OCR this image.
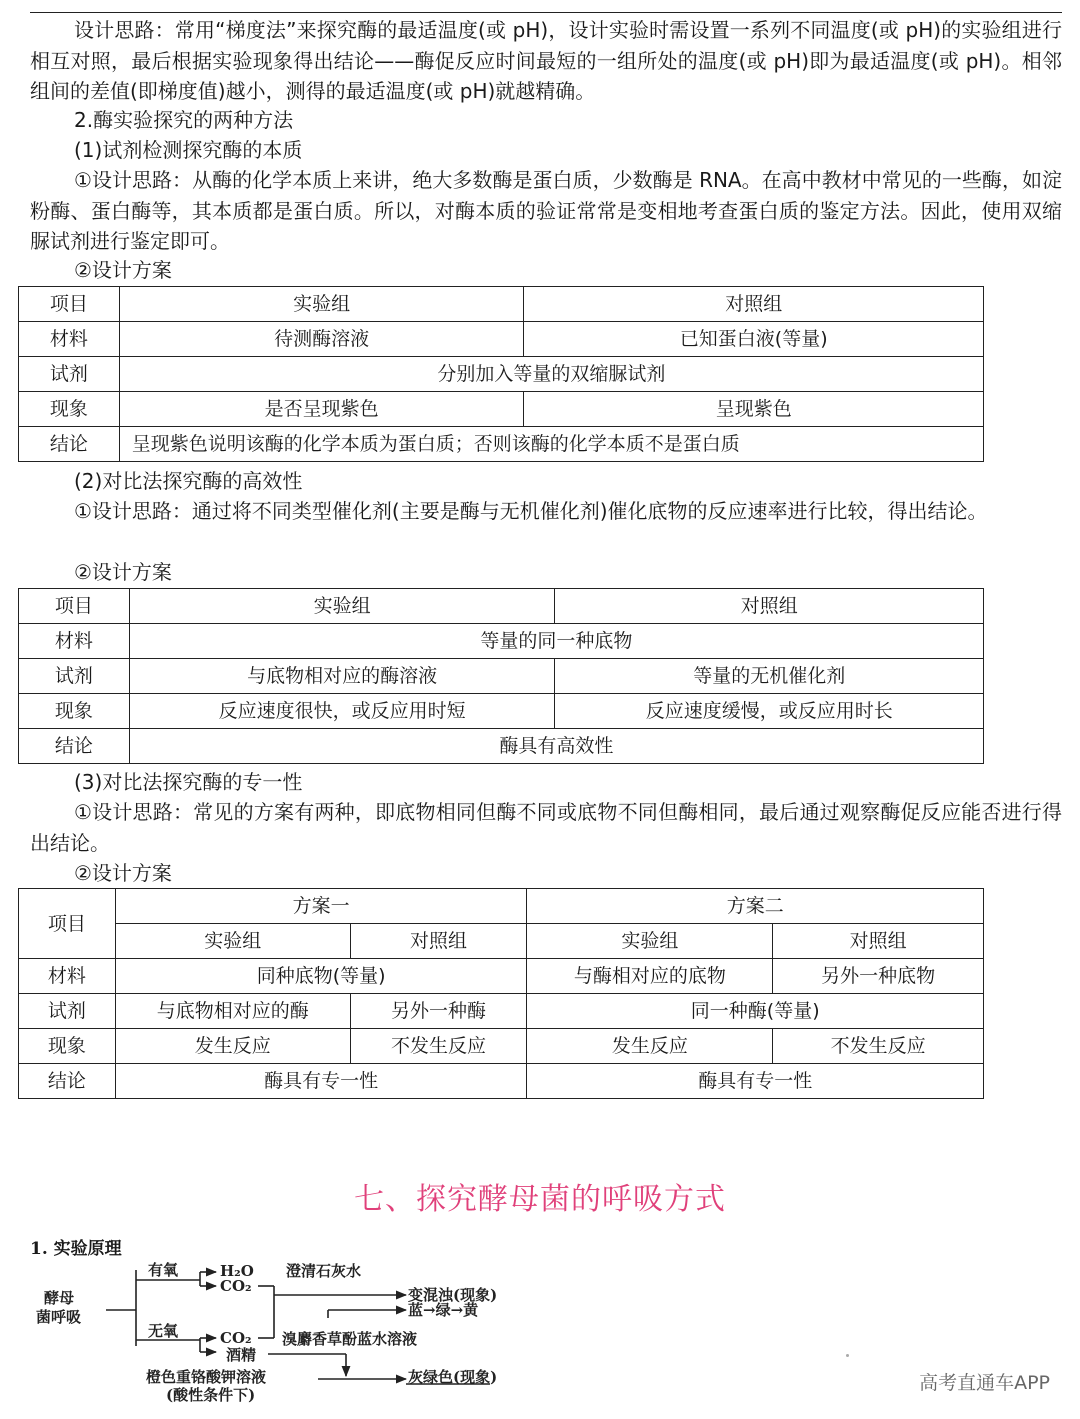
设计思路：常用“梯度法”来探究酶的最适温度(或 pH)，设计实验时需设置一系列不同温度(或 pH)的实验组进行相互对照，最后根据实验现象得出结论——酶促反应时间最短的一组所处的温度(或 pH)即为最适温度(或 pH)。相邻组间的差值(即梯度值)越小，测得的最适温度(或 pH)就越精确。

2.酶实验探究的两种方法
(1)试剂检测探究酶的本质

①设计思路：从酶的化学本质上来讲，绝大多数酶是蛋白质，少数酶是 RNA。在高中教材中常见的一些酶，如淀粉酶、蛋白酶等，其本质都是蛋白质。所以，对酶本质的验证常常是变相地考查蛋白质的鉴定方法。因此，使用双缩脲试剂进行鉴定即可。

②设计方案
项目	实验组	对照组
材料	待测酶溶液	已知蛋白液(等量)
试剂	分别加入等量的双缩脲试剂	
现象	是否呈现紫色	呈现紫色
结论	呈现紫色说明该酶的化学本质为蛋白质；否则该酶的化学本质不是蛋白质	
(2)对比法探究酶的高效性

①设计思路：通过将不同类型催化剂(主要是酶与无机催化剂)催化底物的反应速率进行比较，得出结论。

②设计方案
项目	实验组	对照组
材料	等量的同一种底物	
试剂	与底物相对应的酶溶液	等量的无机催化剂
现象	反应速度很快，或反应用时短	反应速度缓慢，或反应用时长
结论	酶具有高效性	
(3)对比法探究酶的专一性

①设计思路：常见的方案有两种，即底物相同但酶不同或底物不同但酶相同，最后通过观察酶促反应能否进行得出结论。

②设计方案
项目	方案一		方案二	
	实验组	对照组	实验组	对照组
材料	同种底物(等量)		与酶相对应的底物	另外一种底物
试剂	与底物相对应的酶	另外一种酶	同一种酶(等量)	
现象	发生反应	不发生反应	发生反应	不发生反应
结论	酶具有专一性		酶具有专一性	
七、探究酵母菌的呼吸方式
1. 实验原理
酵母
菌呼吸
有氧
无氧
H₂O
CO₂
CO₂
酒精
澄清石灰水
变混浊(现象)
蓝→绿→黄
溴麝香草酚蓝水溶液
橙色重铬酸钾溶液
(酸性条件下)
灰绿色(现象)	高考直通车APP
